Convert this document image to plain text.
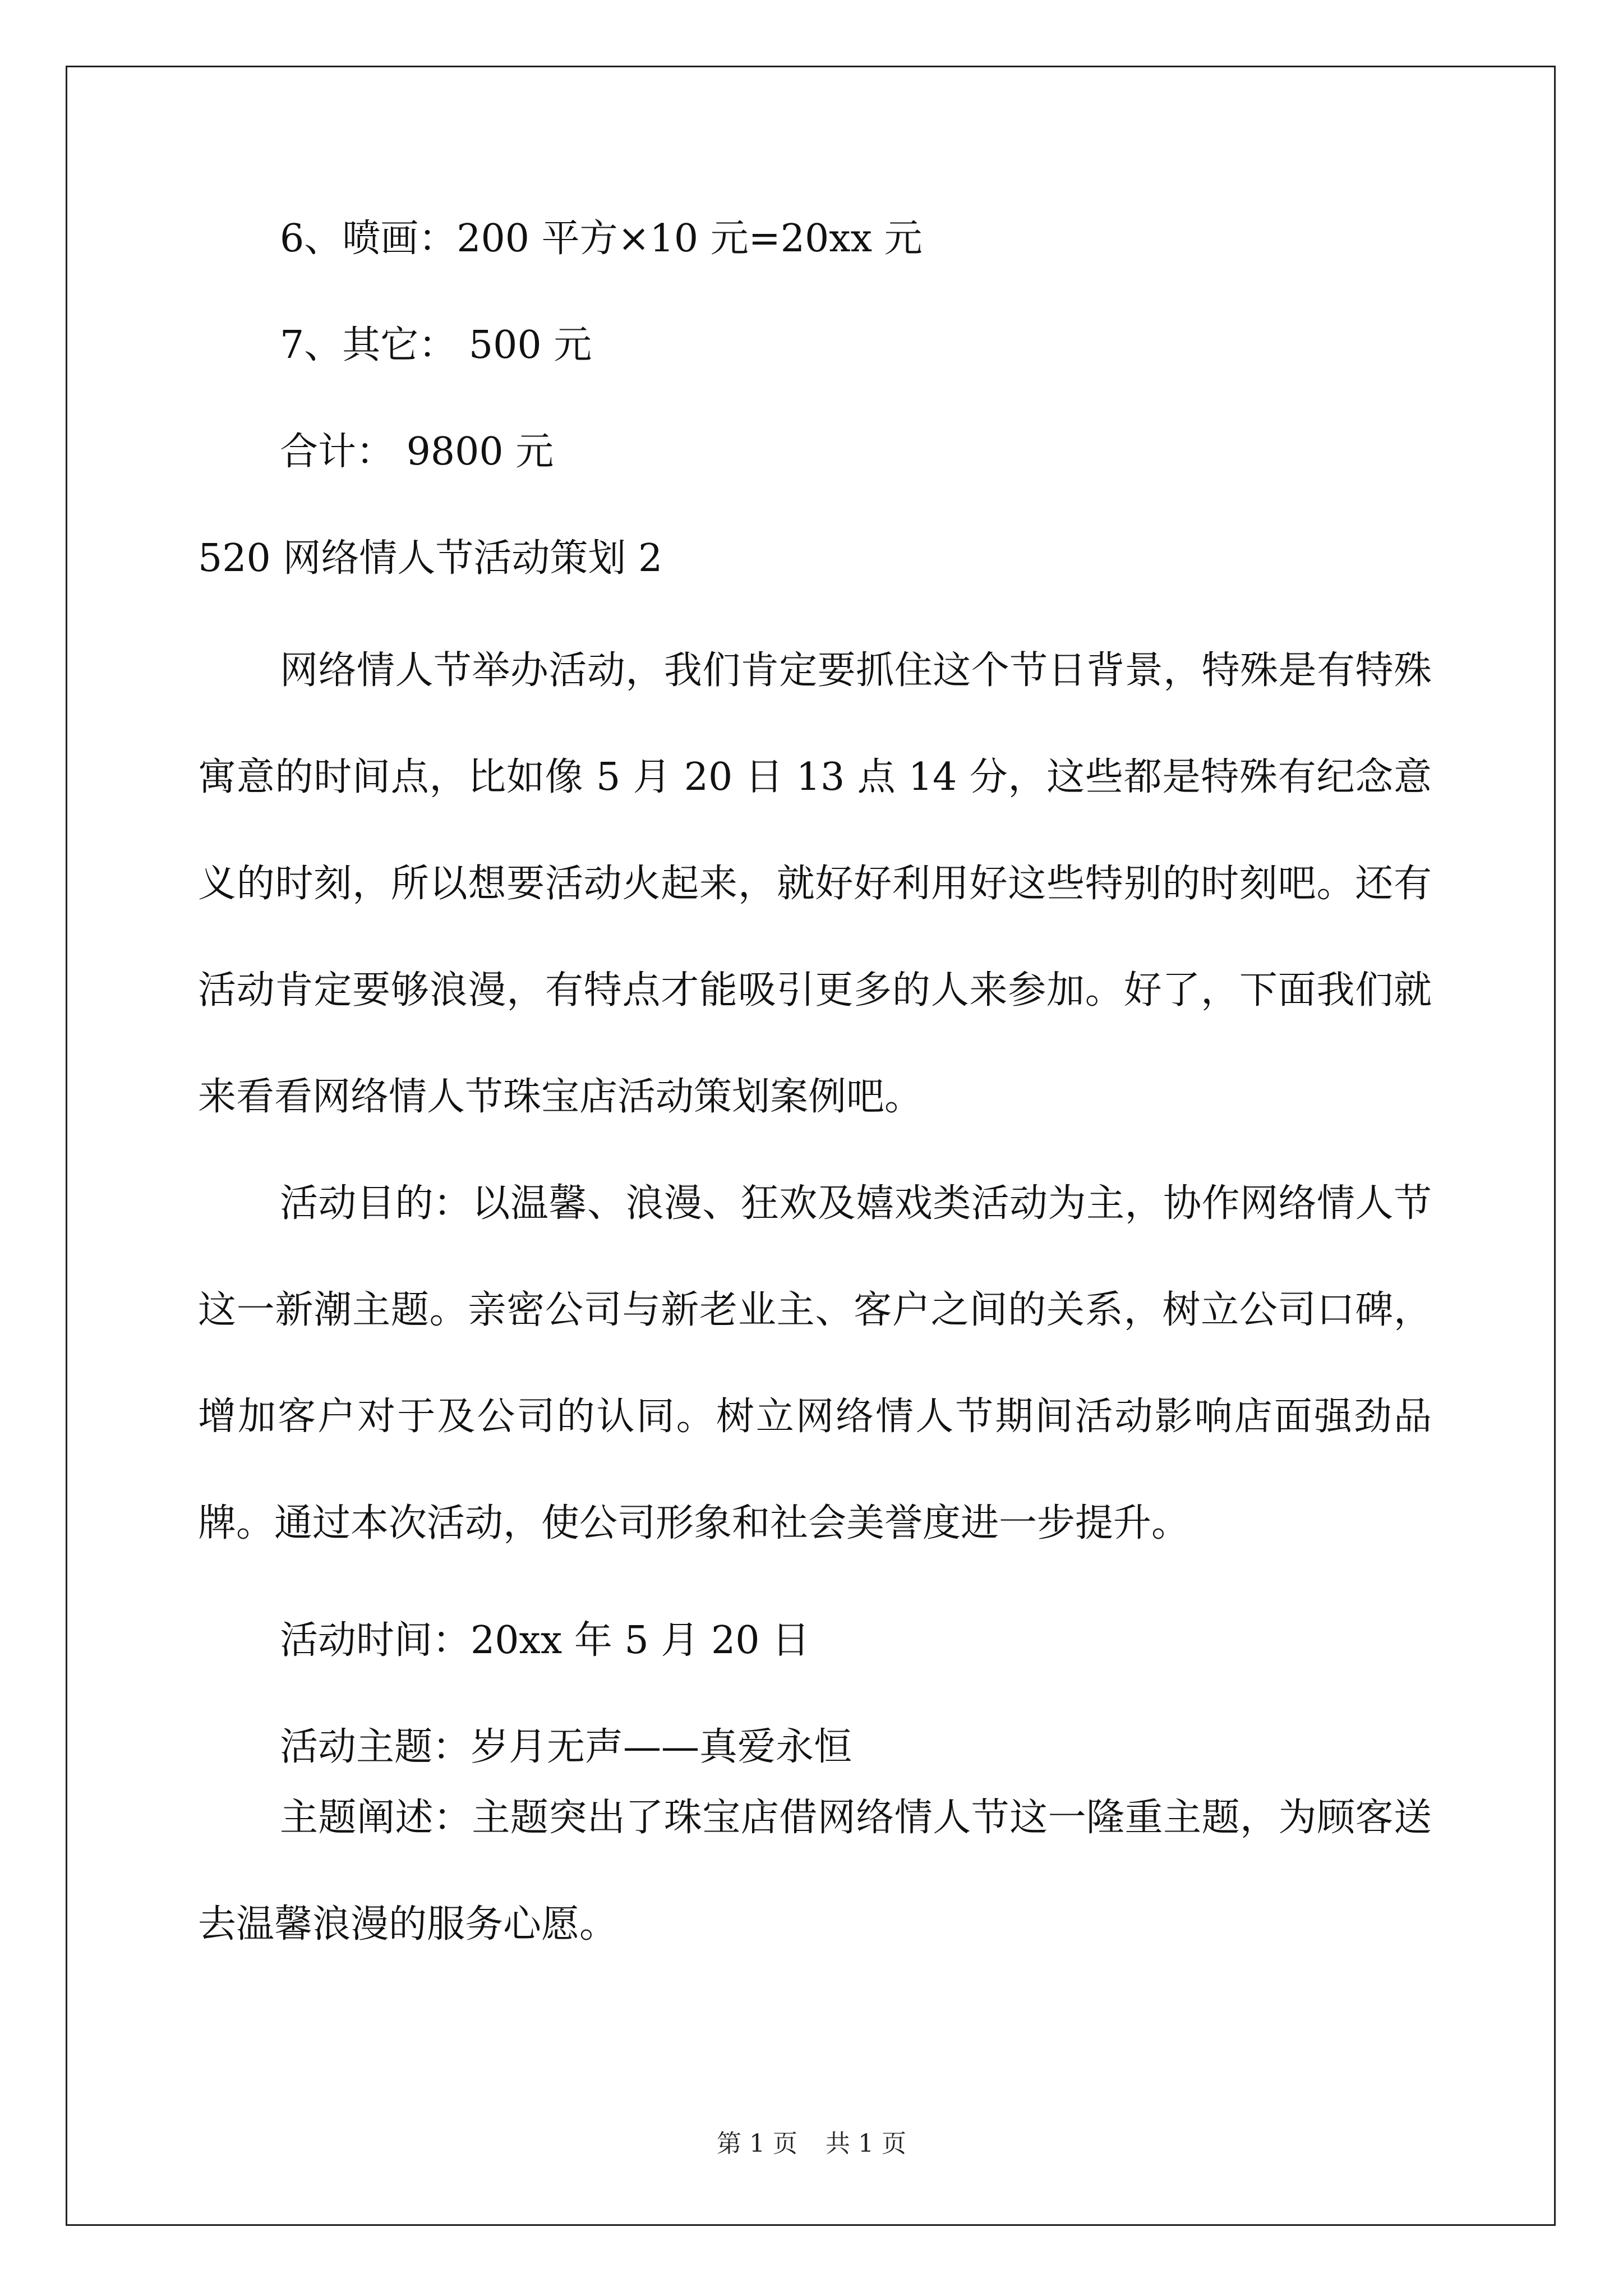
6、喷画：200 平方×10 元=20xx 元

7、其它： 500 元

合计： 9800 元

520 网络情人节活动策划 2

网络情人节举办活动，我们肯定要抓住这个节日背景，特殊是有特殊寓意的时间点，比如像 5 月 20 日 13 点 14 分，这些都是特殊有纪念意义的时刻，所以想要活动火起来，就好好利用好这些特别的时刻吧。还有活动肯定要够浪漫，有特点才能吸引更多的人来参加。好了，下面我们就来看看网络情人节珠宝店活动策划案例吧。

活动目的：以温馨、浪漫、狂欢及嬉戏类活动为主，协作网络情人节这一新潮主题。亲密公司与新老业主、客户之间的关系，树立公司口碑，增加客户对于及公司的认同。树立网络情人节期间活动影响店面强劲品牌。通过本次活动，使公司形象和社会美誉度进一步提升。

活动时间：20xx 年 5 月 20 日

活动主题：岁月无声——真爱永恒

主题阐述：主题突出了珠宝店借网络情人节这一隆重主题，为顾客送去温馨浪漫的服务心愿。

第 1 页 共 1 页
